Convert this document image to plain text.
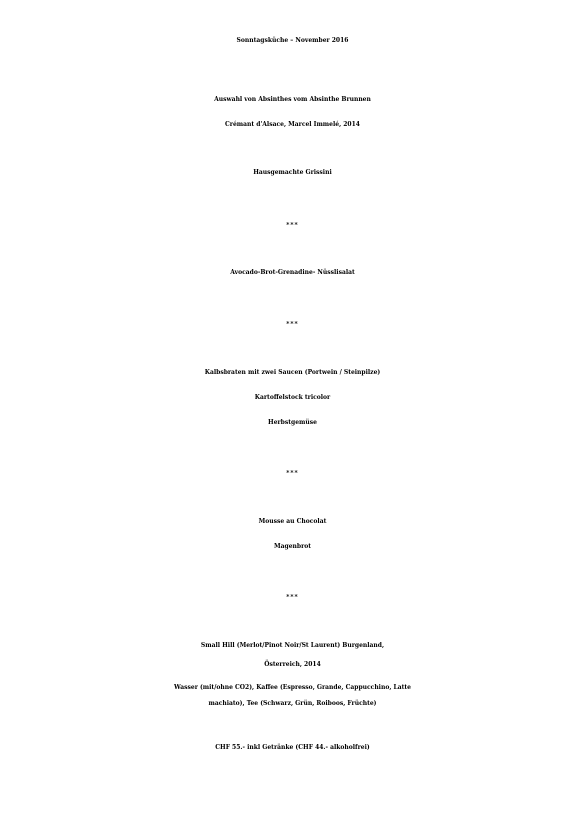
Sonntagsküche – November 2016
Auswahl von Absinthes vom Absinthe Brunnen
Crémant d'Alsace, Marcel Immelé, 2014
Hausgemachte Grissini
***
Avocado-Brot-Grenadine- Nüsslisalat
***
Kalbsbraten mit zwei Saucen (Portwein / Steinpilze)
Kartoffelstock tricolor
Herbstgemüse
***
Mousse au Chocolat
Magenbrot
***
Small Hill (Merlot/Pinot Noir/St Laurent) Burgenland,
Österreich, 2014
Wasser (mit/ohne CO2), Kaffee (Espresso, Grande, Cappucchino, Latte
machiato), Tee (Schwarz, Grün, Roiboos, Früchte)
CHF 55.- inkl Getränke (CHF 44.- alkoholfrei)
